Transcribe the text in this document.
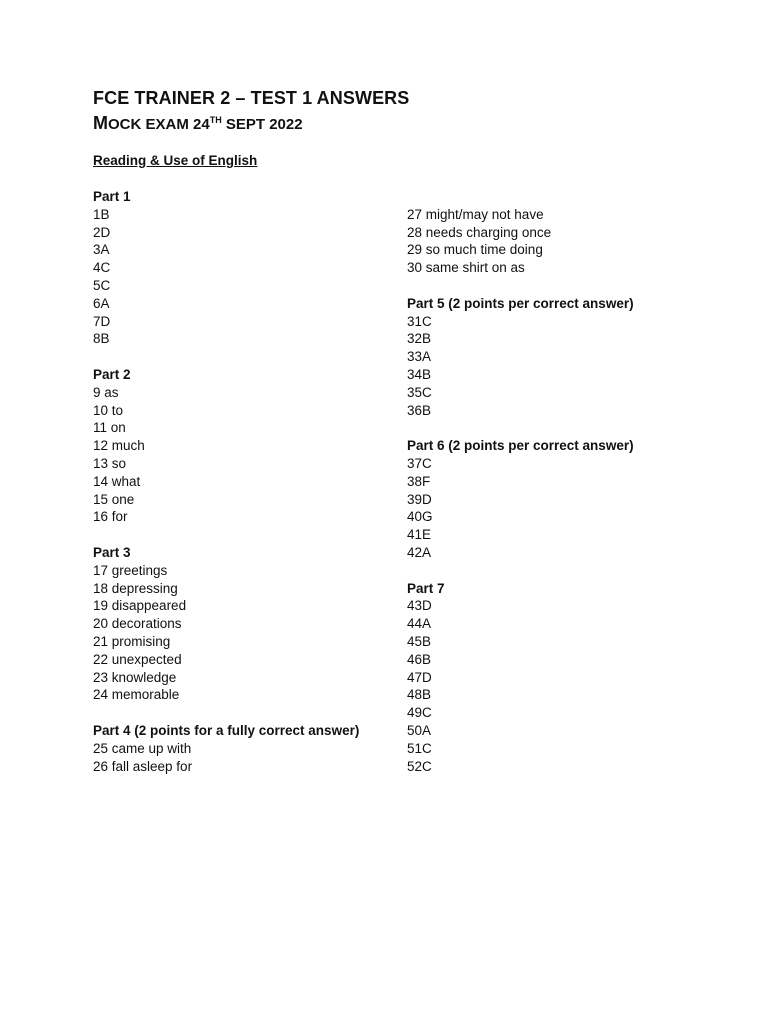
FCE TRAINER 2 – TEST 1 ANSWERS
MOCK EXAM 24TH SEPT 2022
Reading & Use of English
Part 1
1B
2D
3A
4C
5C
6A
7D
8B
Part 2
9 as
10 to
11 on
12 much
13 so
14 what
15 one
16 for
Part 3
17 greetings
18 depressing
19 disappeared
20 decorations
21 promising
22 unexpected
23 knowledge
24 memorable
Part 4 (2 points for a fully correct answer)
25 came up with
26 fall asleep for
27 might/may not have
28 needs charging once
29 so much time doing
30 same shirt on as
Part 5 (2 points per correct answer)
31C
32B
33A
34B
35C
36B
Part 6 (2 points per correct answer)
37C
38F
39D
40G
41E
42A
Part 7
43D
44A
45B
46B
47D
48B
49C
50A
51C
52C
